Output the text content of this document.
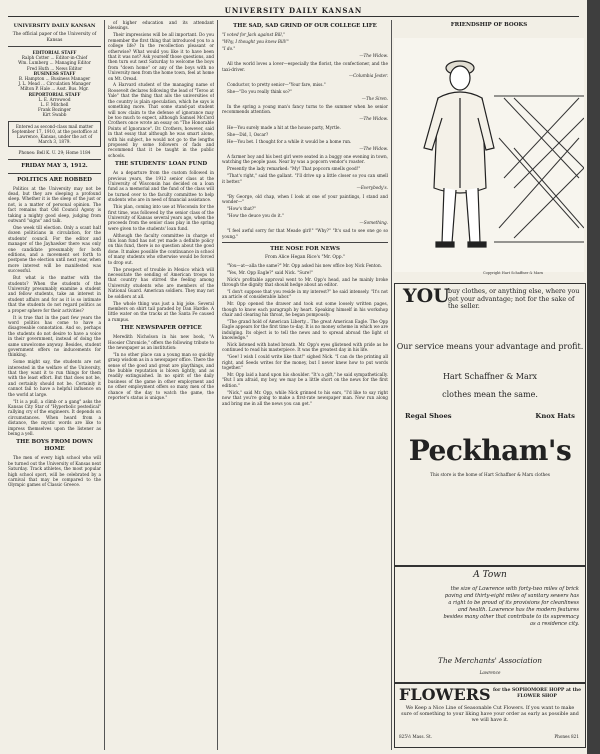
UNIVERSITY DAILY KANSAN
UNIVERSITY DAILY KANSAN
The official paper of the University of Kansas
EDITORIAL STAFF
Ralph Cotter ... Editor-in-Chief
Wm. Lumberg ... Managing Editor
Fred Huth ... News Editor
BUSINESS STAFF
B. Hampton ... Business Manager
J. L. Mead ... Circulation Manager
Milton P. Hale ... Asst. Bus. Mgr.
REPORTORIAL STAFF
L. E. Arrowood
L. F. Mitchell
Frank Bozinger
Kirt Swabb
Entered as second-class mail matter September 17, 1910, at the postoffice at Lawrence, Kansas, under the act of March 3, 1879.
Phones: Bell K. U. 29; Home 1184
FRIDAY MAY 3, 1912.
POLITICS ARE ROBBED

Politics at the University may not be dead, but they are sleeping a profound sleep. Whether it is the sleep of the just or not, is a matter of personal opinion. The fact remains that Old Council Agony is taking a mighty good sleep, judging from outward "signs" and talk.

One week till election. Only a scant half dozen politicians in circulation, for the students' council. For the editor and manager of the Jayhawker there was only one candidate presumably for both editions, and a movement set forth to postpone the election until next year, when more interest will be manifested was successful.

But what is the matter with the students? When the students of the University presumably examine a student and fellow students, take an interest in student affairs and for as it is so intimate that the students do not regard politics as a proper sphere for their activities?

It is true that in the past few years the word politics has come to have a disagreeable connotation. And so, perhaps the students do not desire to have a voice in their government, instead of doing the same unwelcome anyway. Besides, student government offers no inducements for thinking.

Some might say, the students are not interested in the welfare of the University, that they want it to run things for them with the least effort. But that does not be, and certainly should not be. Certainly it cannot fail to have a helpful influence on the world at large.

"It is a pull, a climb or a gang" asks the Kansas City Star of "Hyperbolic pestedical" rallying cry of the engineers. It depends on circumstances. When heard from a distance, the mystic words are like to impress themselves upon the listener as being a yell.

THE BOYS FROM DOWN HOME

The men of every high school who will be turned out the University of Kansas next Saturday. Track athletes, the most popular high school sport, will be celebrated by a carnival that may be compared to the Olympic games of Classic Greece.

of higher education and its attendant blessings.

Their impressions will be all important. Do you remember the first thing that introduced you to a college life? In the recollection pleasant or otherwise? What would you like it to have been that it was not? Ask yourself those questions, and then turn out next Saturday to welcome the boys from "down home" or any of the boys with no University men from the home town, feel at home on Mt. Oread.

A Harvard student of the managing name of Roosevelt declares following the lead of "Teroo at Yale" that the thing that ails the universities of the country is plain speculation, which he says is something more. That some stand-pat student will now claim to the defense of ignorance may be too much to expect, although Samuel McCord Crothers once wrote an essay on "The Honorable Points of Ignorance". Dr. Crothers, however, said in that essay that although he was smart alone, with his subject, he would not go to the lengths proposed by some followers of fads and recommend that it be taught in the public schools.

THE STUDENTS' LOAN FUND

As a departure from the custom followed in previous years, the 1912 senior class at the University of Wisconsin has decided on a loan fund as a memorial and the fund of the class will be turned over to the faculty committee to help students who are in need of financial assistance.

This plan, coming into use at Wisconsin for the first time, was followed by the senior class of the University of Kansas several years ago, when the proceeds from the senior class play in the spring were given to the students' loan fund.

Although the faculty committee in charge of this loan fund has not yet made a definite policy on this fund, there is no question about the good done. It makes possible the continuance in school of many students who otherwise would be forced to drop out.

The prospect of trouble in Mexico which will necessitate the sending of American troops to that country has stirred the feeling among University students who are members of the National Guard. American soldiers. They may not be soldiers at all.

The whole thing was just a big joke. Several members on shirt tail paraded by Dan Hardie. A little water on the tracks at the Santa Fe caused a rumpus.

THE NEWSPAPER OFFICE

Meredith Nicholson in his new book, "A Hoosier Chronicle," offers the following tribute to the newspaper as an institution:

"In no other place can a young man so quickly grasp wisdom as in a newspaper office. There the sense of the good and great are playthings, and the bubble reputation is blown lightly, and as readily extinguished. In no spirit of the daily business of the game in other employment and no other employment offers so many men of the chance of the day to watch the game, the reporter's status is unique."

THE SAD, SAD GRIND OF OUR COLLEGE LIFE

"I voted for Jack against Bill,"

"Why, I thought you knew Bill!"

"I do."

—The Widow.

All the world loves a lover—especially the florist, the confectioner, and the taxi-driver.

—Columbia Jester.

Conductor, to pretty senior—"Your fare, miss."

She—"Do you really think so?"

—The Siren.

In the spring a young man's fancy turns to the summer when he senior recommends attention.

—The Widow.

He—You surely made a hit at the house party, Myrtle.

She—Did, I, Oscar?

He—You bet. I thought for a while it would be a home run.

—The Widow.

A farmer boy and his best girl were seated in a buggy one evening in town, watching the people pass. Near by was a popcorn vendor's roaster.

Presently the lady remarked: "My! That popcorn smells good!"

"That's right," said the gallant. "I'll drive up a little closer so you can smell it better."

—Everybody's.

"By George, old chap, when I look at one of your paintings, I stand and wonder—"

"How's that?"

"How the deuce you do it."

—Something.

"I feel awful sorry for that Meade girl!" "Why?" "It's sad to see one go so young."

THE NOSE FOR NEWS
From Alice Hegan Rice's "Mr. Opp."

"You—at—alla the same?" Mr. Opp asked his new office boy Nick Fenton.

"Yes, Mr. Opp Eagle?" said Nick. "Sure!"

Nick's profitable approval went to Mr. Opp's head, and he mainly broke through the dignity that should hedge about an editor.

"I don't suppose that you reside in my interest?" he said intensely. "It's not an article of considerable labor."

Mr. Opp opened the drawer and took out some loosely written pages, though to know each paragraph by heart. Speaking himself in his workshop chair and clearing his throat, he began pompously:

"The grand hold of American Liberty... The great American Eagle. The Opp Eagle appears for the first time to-day. It is no money scheme in which we are indulging. Its object is to tell the news and to spread abroad the light of knowledge."

Nick listened with bated breath. Mr. Opp's eyes glistened with pride as he continued to read his masterpiece. It was the greatest day in his life.

"Gee! I wish I could write like that!" sighed Nick. "I can do the printing all right, and Seeds writes for the money, but I never knew how to put words together."

Mr. Opp laid a hand upon his shoulder. "It's a gift," he said sympathetically. "But I am afraid, my boy, we may be a little short on the news for the first edition."

"Nick," said Mr. Opp, while Nick grinned to his ears, "I'd like to say right now that you're going to make a first-rate newspaper man. Now run along and bring me in all the news you can get."

FRIENDSHIP OF BOOKS
Copyright Hart Schaffner & Marx
YOU
buy clothes, or anything else, where you get your advantage; not for the sake of the seller.
Our service means your advantage and profit.
Hart Schaffner & Marx
clothes mean the same.
Regal Shoes	Knox Hats
Peckham's
This store is the home of Hart Schaffner & Marx clothes
A Town
the size of Lawrence with forty-two miles of brick paving and thirty-eight miles of sanitary sewers has a right to be proud of its provisions for cleanliness and health. Lawrence has the modern features besides many other that contribute to its supremacy as a residence city.
The Merchants' Association
Lawrence
FLOWERS for the SOPHOMORE HOPP at the FLOWER SHOP
We Keep a Nice Line of Seasonable Cut Flowers. If you want to make sure of something to your liking have your order as early as possible and we will have it.
825½ Mass. St.	Phones 821
